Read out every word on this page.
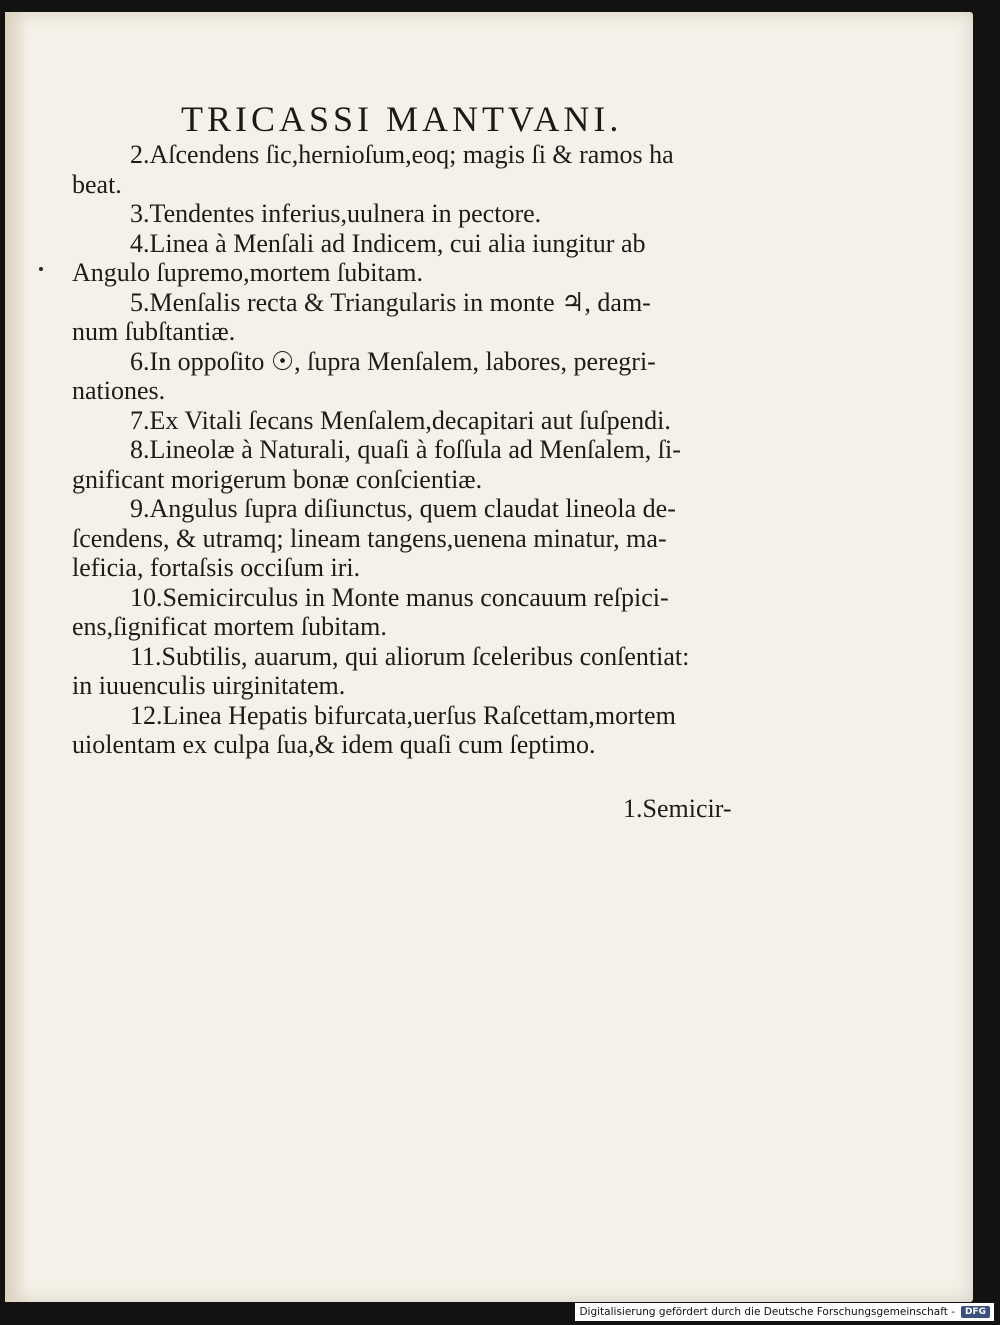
TRICASSI MANTVANI.
2.Aſcendens ſic,hernioſum,eoq; magis ſi & ramos ha
beat.
3.Tendentes inferius,uulnera in pectore.
4.Linea à Menſali ad Indicem, cui alia iungitur ab
Angulo ſupremo,mortem ſubitam.
5.Menſalis recta & Triangularis in monte ♃, dam-
num ſubſtantiæ.
6.In oppoſito ☉, ſupra Menſalem, labores, peregri-
nationes.
7.Ex Vitali ſecans Menſalem,decapitari aut ſuſpendi.
8.Lineolæ à Naturali, quaſi à foſſula ad Menſalem, ſi-
gnificant morigerum bonæ conſcientiæ.
9.Angulus ſupra diſiunctus, quem claudat lineola de-
ſcendens, & utramq; lineam tangens,uenena minatur, ma-
leficia, fortaſsis occiſum iri.
10.Semicirculus in Monte manus concauum reſpici-
ens,ſignificat mortem ſubitam.
11.Subtilis, auarum, qui aliorum ſceleribus conſentiat:
in iuuenculis uirginitatem.
12.Linea Hepatis bifurcata,uerſus Raſcettam,mortem
uiolentam ex culpa ſua,& idem quaſi cum ſeptimo.
1.Semicir-
Digitalisierung gefördert durch die Deutsche Forschungsgemeinschaft -	DFG
